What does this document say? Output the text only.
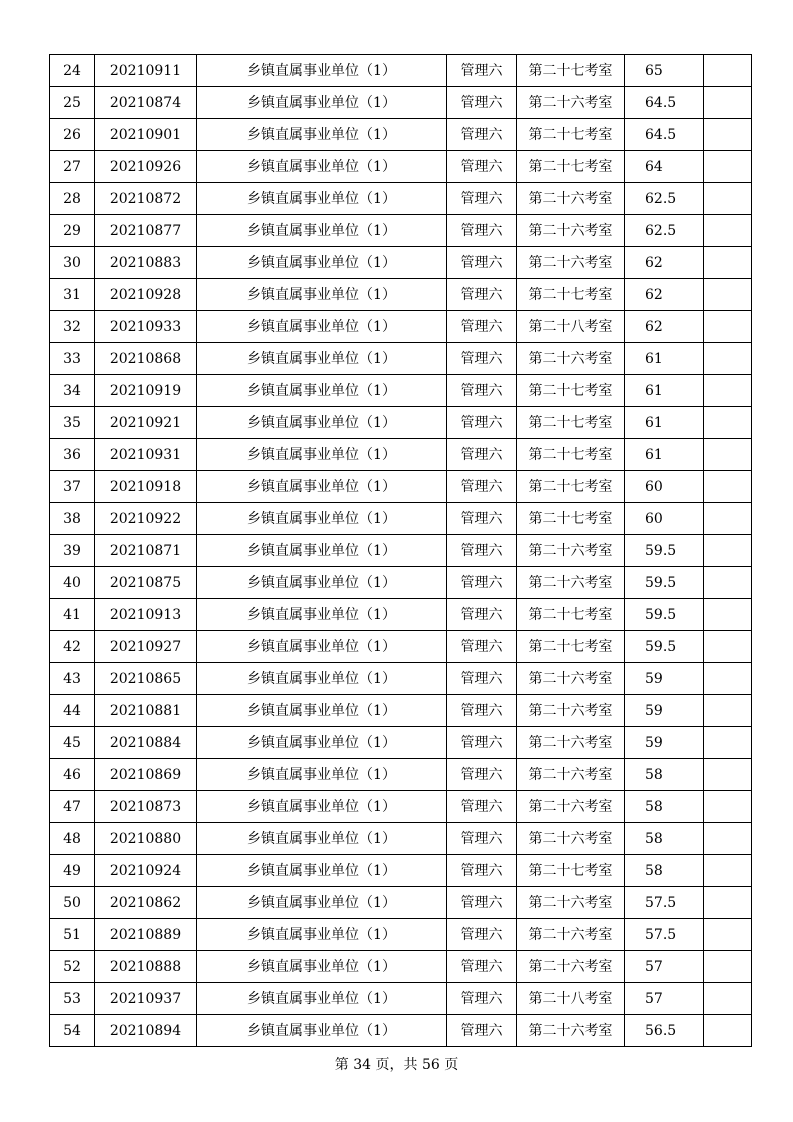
24	20210911	乡镇直属事业单位（1）	管理六	第二十七考室	65	
25	20210874	乡镇直属事业单位（1）	管理六	第二十六考室	64.5	
26	20210901	乡镇直属事业单位（1）	管理六	第二十七考室	64.5	
27	20210926	乡镇直属事业单位（1）	管理六	第二十七考室	64	
28	20210872	乡镇直属事业单位（1）	管理六	第二十六考室	62.5	
29	20210877	乡镇直属事业单位（1）	管理六	第二十六考室	62.5	
30	20210883	乡镇直属事业单位（1）	管理六	第二十六考室	62	
31	20210928	乡镇直属事业单位（1）	管理六	第二十七考室	62	
32	20210933	乡镇直属事业单位（1）	管理六	第二十八考室	62	
33	20210868	乡镇直属事业单位（1）	管理六	第二十六考室	61	
34	20210919	乡镇直属事业单位（1）	管理六	第二十七考室	61	
35	20210921	乡镇直属事业单位（1）	管理六	第二十七考室	61	
36	20210931	乡镇直属事业单位（1）	管理六	第二十七考室	61	
37	20210918	乡镇直属事业单位（1）	管理六	第二十七考室	60	
38	20210922	乡镇直属事业单位（1）	管理六	第二十七考室	60	
39	20210871	乡镇直属事业单位（1）	管理六	第二十六考室	59.5	
40	20210875	乡镇直属事业单位（1）	管理六	第二十六考室	59.5	
41	20210913	乡镇直属事业单位（1）	管理六	第二十七考室	59.5	
42	20210927	乡镇直属事业单位（1）	管理六	第二十七考室	59.5	
43	20210865	乡镇直属事业单位（1）	管理六	第二十六考室	59	
44	20210881	乡镇直属事业单位（1）	管理六	第二十六考室	59	
45	20210884	乡镇直属事业单位（1）	管理六	第二十六考室	59	
46	20210869	乡镇直属事业单位（1）	管理六	第二十六考室	58	
47	20210873	乡镇直属事业单位（1）	管理六	第二十六考室	58	
48	20210880	乡镇直属事业单位（1）	管理六	第二十六考室	58	
49	20210924	乡镇直属事业单位（1）	管理六	第二十七考室	58	
50	20210862	乡镇直属事业单位（1）	管理六	第二十六考室	57.5	
51	20210889	乡镇直属事业单位（1）	管理六	第二十六考室	57.5	
52	20210888	乡镇直属事业单位（1）	管理六	第二十六考室	57	
53	20210937	乡镇直属事业单位（1）	管理六	第二十八考室	57	
54	20210894	乡镇直属事业单位（1）	管理六	第二十六考室	56.5	
第 34 页，共 56 页
